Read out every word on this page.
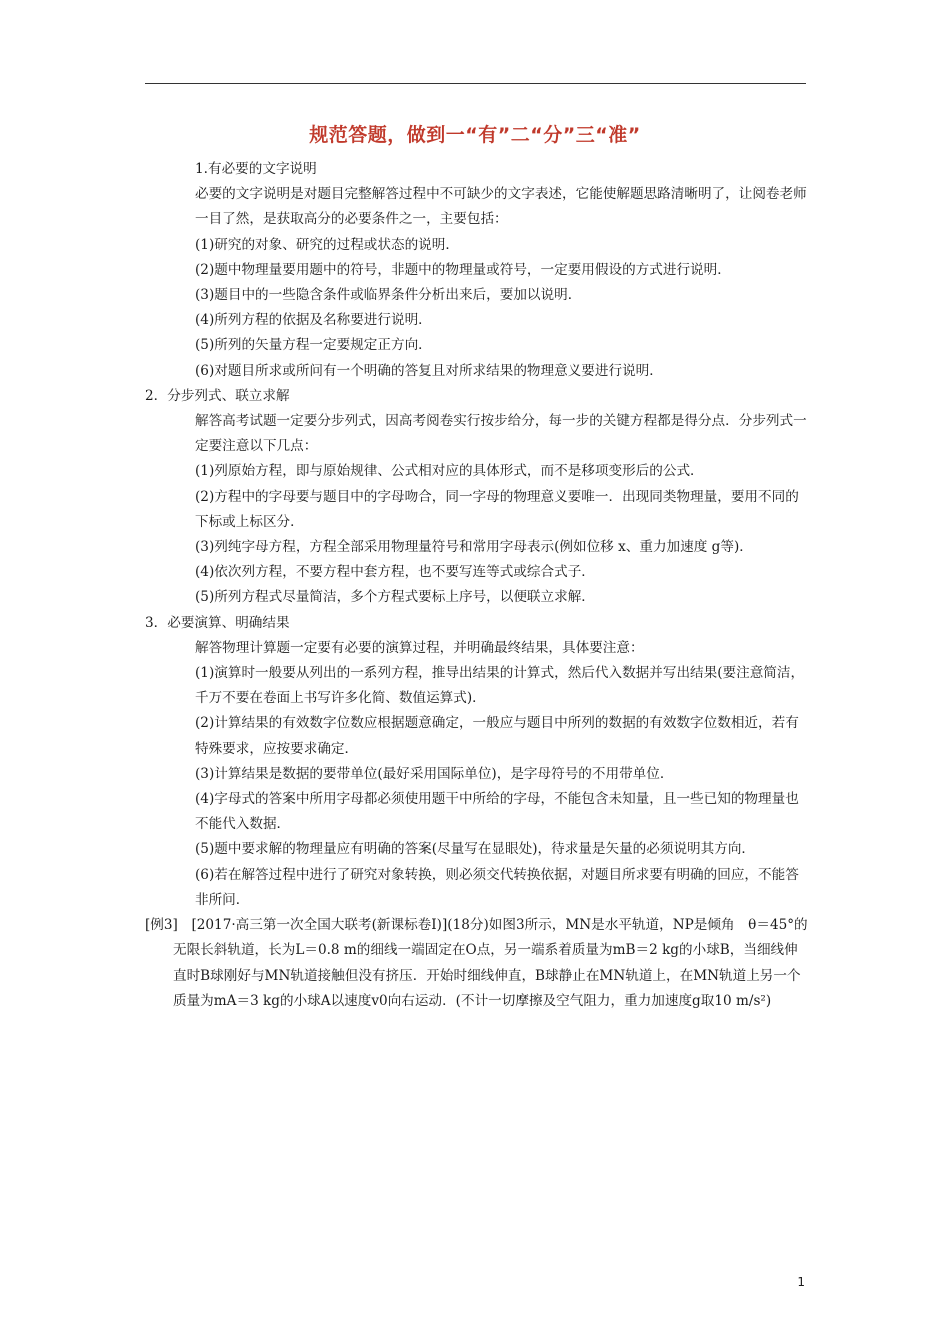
规范答题，做到一“有”二“分”三“准”

1.有必要的文字说明

必要的文字说明是对题目完整解答过程中不可缺少的文字表述，它能使解题思路清晰明了，让阅卷老师一目了然，是获取高分的必要条件之一，主要包括：

(1)研究的对象、研究的过程或状态的说明．

(2)题中物理量要用题中的符号，非题中的物理量或符号，一定要用假设的方式进行说明．

(3)题目中的一些隐含条件或临界条件分析出来后，要加以说明．

(4)所列方程的依据及名称要进行说明．

(5)所列的矢量方程一定要规定正方向．

(6)对题目所求或所问有一个明确的答复且对所求结果的物理意义要进行说明．

2．分步列式、联立求解

解答高考试题一定要分步列式，因高考阅卷实行按步给分，每一步的关键方程都是得分点．分步列式一定要注意以下几点：

(1)列原始方程，即与原始规律、公式相对应的具体形式，而不是移项变形后的公式．

(2)方程中的字母要与题目中的字母吻合，同一字母的物理意义要唯一．出现同类物理量，要用不同的下标或上标区分．

(3)列纯字母方程，方程全部采用物理量符号和常用字母表示(例如位移 x、重力加速度 g等)．

(4)依次列方程，不要方程中套方程，也不要写连等式或综合式子．

(5)所列方程式尽量简洁，多个方程式要标上序号，以便联立求解．

3．必要演算、明确结果

解答物理计算题一定要有必要的演算过程，并明确最终结果，具体要注意：

(1)演算时一般要从列出的一系列方程，推导出结果的计算式，然后代入数据并写出结果(要注意简洁，千万不要在卷面上书写许多化简、数值运算式)．

(2)计算结果的有效数字位数应根据题意确定，一般应与题目中所列的数据的有效数字位数相近，若有特殊要求，应按要求确定．

(3)计算结果是数据的要带单位(最好采用国际单位)，是字母符号的不用带单位．

(4)字母式的答案中所用字母都必须使用题干中所给的字母，不能包含未知量，且一些已知的物理量也不能代入数据．

(5)题中要求解的物理量应有明确的答案(尽量写在显眼处)，待求量是矢量的必须说明其方向．

(6)若在解答过程中进行了研究对象转换，则必须交代转换依据，对题目所求要有明确的回应，不能答非所问．

[例3]　[2017·高三第一次全国大联考(新课标卷Ⅰ)](18分)如图3所示，MN是水平轨道，NP是倾角　θ＝45°的无限长斜轨道，长为L＝0.8 m的细线一端固定在O点，另一端系着质量为mB＝2 kg的小球B，当细线伸直时B球刚好与MN轨道接触但没有挤压．开始时细线伸直，B球静止在MN轨道上，在MN轨道上另一个质量为mA＝3 kg的小球A以速度v0向右运动．(不计一切摩擦及空气阻力，重力加速度g取10 m/s²)

1
